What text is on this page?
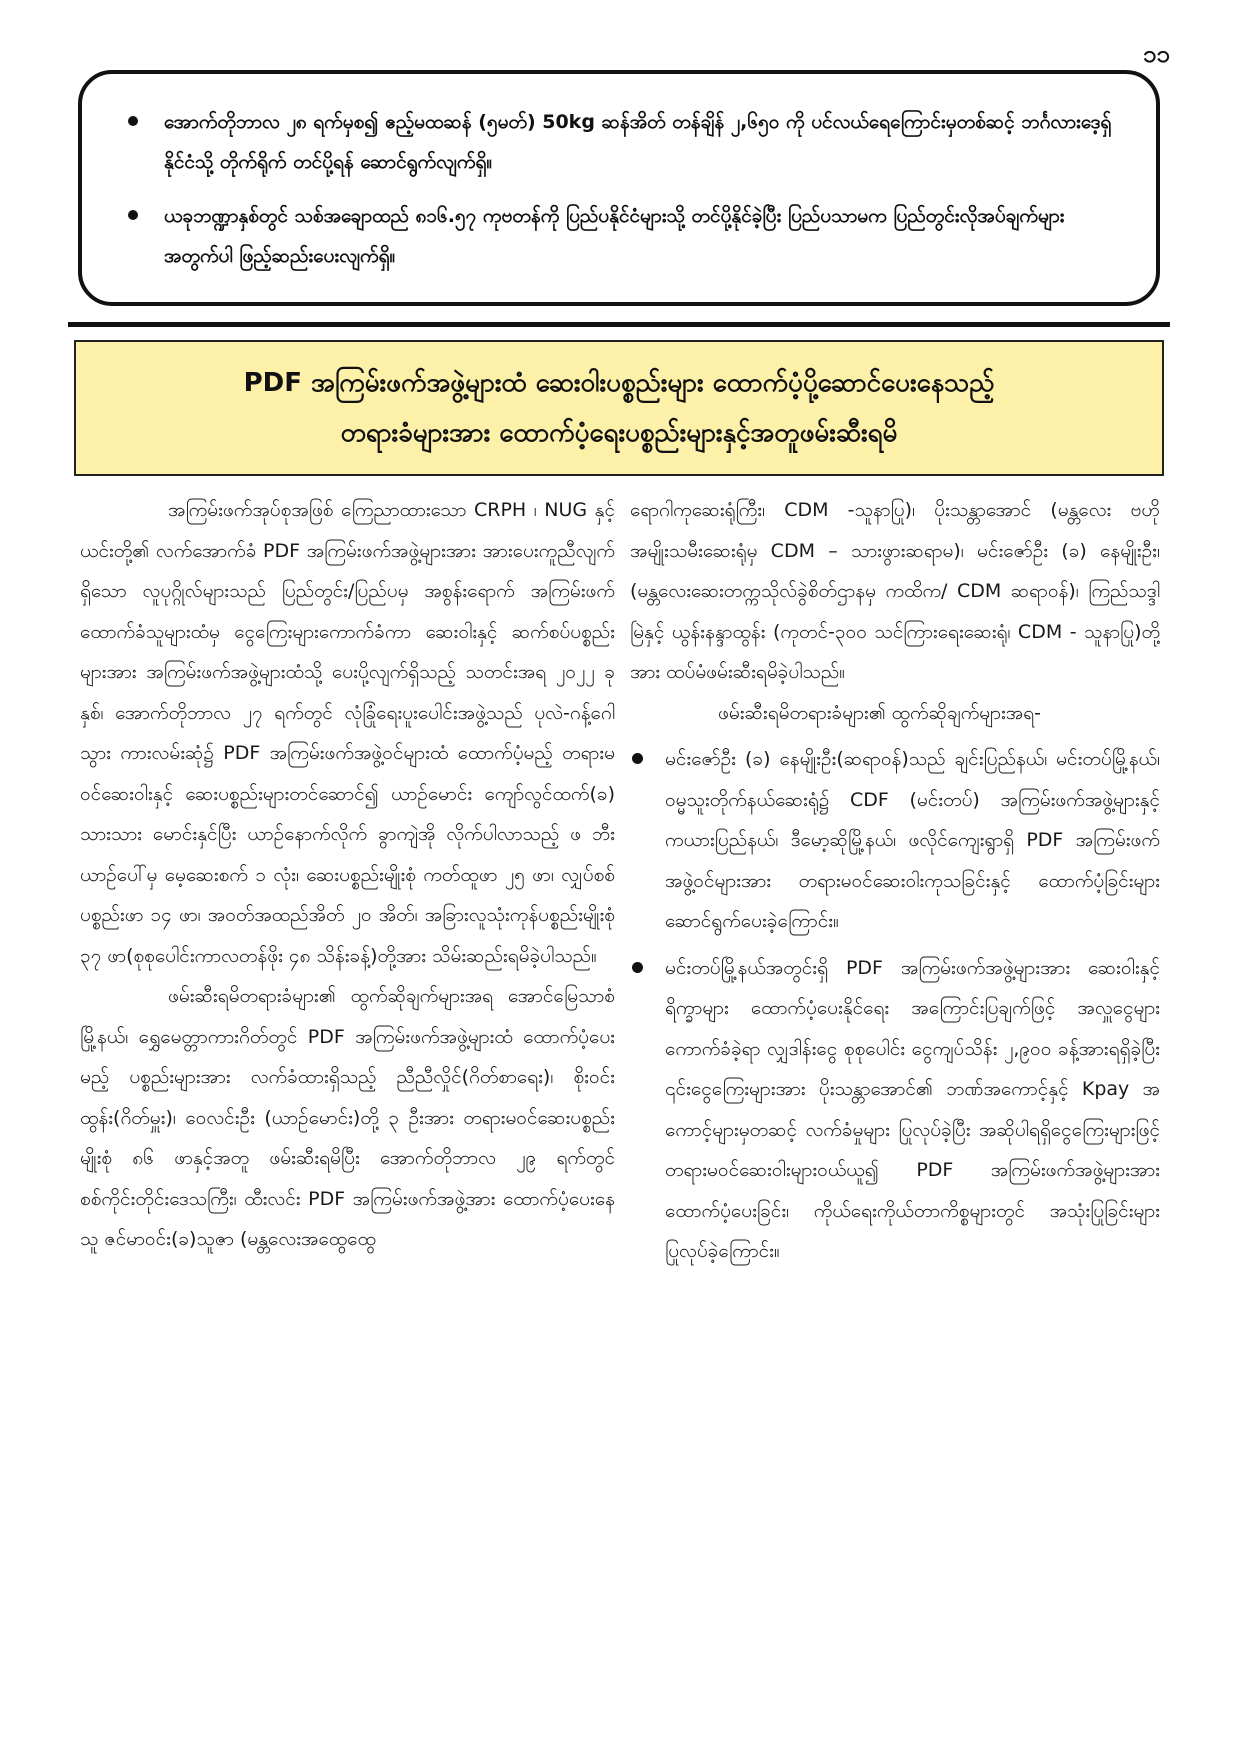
၁၁
အောက်တိုဘာလ ၂၈ ရက်မှစ၍ ဧည့်မထဆန် (၅မတ်) 50kg ဆန်အိတ် တန်ချိန် ၂,၆၅၀ ကို ပင်လယ်ရေကြောင်းမှတစ်ဆင့် ဘင်္ဂလားဒေ့ရှ်နိုင်ငံသို့ တိုက်ရိုက် တင်ပို့ရန် ဆောင်ရွက်လျက်ရှိ။
ယခုဘဏ္ဍာနှစ်တွင် သစ်အချောထည် ၈၁၆.၅၇ ကုဗတန်ကို ပြည်ပနိုင်ငံများသို့ တင်ပို့နိုင်ခဲ့ပြီး ပြည်ပသာမက ပြည်တွင်းလိုအပ်ချက်များအတွက်ပါ ဖြည့်ဆည်းပေးလျက်ရှိ။
PDF အကြမ်းဖက်အဖွဲ့များထံ ဆေးဝါးပစ္စည်းများ ထောက်ပံ့ပို့ဆောင်ပေးနေသည့်
တရားခံများအား ထောက်ပံ့ရေးပစ္စည်းများနှင့်အတူဖမ်းဆီးရမိ

အကြမ်းဖက်အုပ်စုအဖြစ် ကြေညာထားသော CRPH ၊ NUG နှင့် ယင်းတို့၏ လက်အောက်ခံ PDF အကြမ်းဖက်အဖွဲ့များအား အားပေးကူညီလျက်ရှိသော လူပုဂ္ဂိုလ်များသည် ပြည်တွင်း/ပြည်ပမှ အစွန်းရောက် အကြမ်းဖက်ထောက်ခံသူများထံမှ ငွေကြေးများကောက်ခံကာ ဆေးဝါးနှင့် ဆက်စပ်ပစ္စည်းများအား အကြမ်းဖက်အဖွဲ့များထံသို့ ပေးပို့လျက်ရှိသည့် သတင်းအရ ၂၀၂၂ ခုနှစ်၊ အောက်တိုဘာလ ၂၇ ရက်တွင် လုံခြုံရေးပူးပေါင်းအဖွဲ့သည် ပုလဲ-ဂန့်ဂေါသွား ကားလမ်းဆုံ၌ PDF အကြမ်းဖက်အဖွဲ့ဝင်များထံ ထောက်ပံ့မည့် တရားမဝင်ဆေးဝါးနှင့် ဆေးပစ္စည်းများတင်ဆောင်၍ ယာဉ်မောင်း ကျော်လွင်ထက်(ခ) သားသား မောင်းနှင်ပြီး ယာဉ်နောက်လိုက် ခွာကျဲအို လိုက်ပါလာသည့် ဖ ဘီးယာဉ်ပေါ်မှ မေ့ဆေးစက် ၁ လုံး၊ ဆေးပစ္စည်းမျိုးစုံ ကတ်ထူဖာ ၂၅ ဖာ၊ လျှပ်စစ်ပစ္စည်းဖာ ၁၄ ဖာ၊ အဝတ်အထည်အိတ် ၂၀ အိတ်၊ အခြားလူသုံးကုန်ပစ္စည်းမျိုးစုံ ၃၇ ဖာ(စုစုပေါင်းကာလတန်ဖိုး ၄၈ သိန်းခန့်)တို့အား သိမ်းဆည်းရမိခဲ့ပါသည်။

ဖမ်းဆီးရမိတရားခံများ၏ ထွက်ဆိုချက်များအရ အောင်မြေသာစံမြို့နယ်၊ ရွှေမေတ္တာကားဂိတ်တွင် PDF အကြမ်းဖက်အဖွဲ့များထံ ထောက်ပံ့ပေးမည့် ပစ္စည်းများအား လက်ခံထားရှိသည့် ညီညီလှိုင်(ဂိတ်စာရေး)၊ စိုးဝင်းထွန်း(ဂိတ်မှူး)၊ ဝေလင်းဦး (ယာဉ်မောင်း)တို့ ၃ ဦးအား တရားမဝင်ဆေးပစ္စည်းမျိုးစုံ ၈၆ ဖာနှင့်အတူ ဖမ်းဆီးရမိပြီး အောက်တိုဘာလ ၂၉ ရက်တွင် စစ်ကိုင်းတိုင်းဒေသကြီး၊ ထီးလင်း PDF အကြမ်းဖက်အဖွဲ့အား ထောက်ပံ့ပေးနေသူ ဇင်မာဝင်း(ခ)သူဇာ (မန္တလေးအထွေထွေ

ရောဂါကုဆေးရုံကြီး၊ CDM -သူနာပြု)၊ ပိုးသန္တာအောင် (မန္တလေး ဗဟိုအမျိုးသမီးဆေးရုံမှ CDM – သားဖွားဆရာမ)၊ မင်းဇော်ဦး (ခ) နေမျိုးဦး၊ (မန္တလေးဆေးတက္ကသိုလ်ခွဲစိတ်ဌာနမှ ကထိက/ CDM ဆရာဝန်)၊ ကြည်သဒ္ဒါမြဲနှင့် ယွန်းနန္ဒာထွန်း (ကုတင်-၃၀၀ သင်ကြားရေးဆေးရုံ၊ CDM - သူနာပြု)တို့အား ထပ်မံဖမ်းဆီးရမိခဲ့ပါသည်။

ဖမ်းဆီးရမိတရားခံများ၏ ထွက်ဆိုချက်များအရ-

မင်းဇော်ဦး (ခ) နေမျိုးဦး(ဆရာဝန်)သည် ချင်းပြည်နယ်၊ မင်းတပ်မြို့နယ်၊ ဝမ္မသူးတိုက်နယ်ဆေးရုံ၌ CDF (မင်းတပ်) အကြမ်းဖက်အဖွဲ့များနှင့် ကယားပြည်နယ်၊ ဒီမော့ဆိုမြို့နယ်၊ ဖလိုင်ကျေးရွာရှိ PDF အကြမ်းဖက်အဖွဲ့ဝင်များအား တရားမဝင်ဆေးဝါးကုသခြင်းနှင့် ထောက်ပံ့ခြင်းများ ဆောင်ရွက်ပေးခဲ့ကြောင်း။
မင်းတပ်မြို့နယ်အတွင်းရှိ PDF အကြမ်းဖက်အဖွဲ့များအား ဆေးဝါးနှင့် ရိက္ခာများ ထောက်ပံ့ပေးနိုင်ရေး အကြောင်းပြချက်ဖြင့် အလှူငွေများကောက်ခံခဲ့ရာ လျှဒါန်းငွေ စုစုပေါင်း ငွေကျပ်သိန်း ၂,၉၀၀ ခန့်အားရရှိခဲ့ပြီး ၎င်းငွေကြေးများအား ပိုးသန္တာအောင်၏ ဘဏ်အကောင့်နှင့် Kpay အကောင့်များမှတဆင့် လက်ခံမှုများ ပြုလုပ်ခဲ့ပြီး အဆိုပါရရှိငွေကြေးများဖြင့် တရားမဝင်ဆေးဝါးများဝယ်ယူ၍ PDF အကြမ်းဖက်အဖွဲ့များအား ထောက်ပံ့ပေးခြင်း၊ ကိုယ်ရေးကိုယ်တာကိစ္စများတွင် အသုံးပြုခြင်းများပြုလုပ်ခဲ့ကြောင်း။
